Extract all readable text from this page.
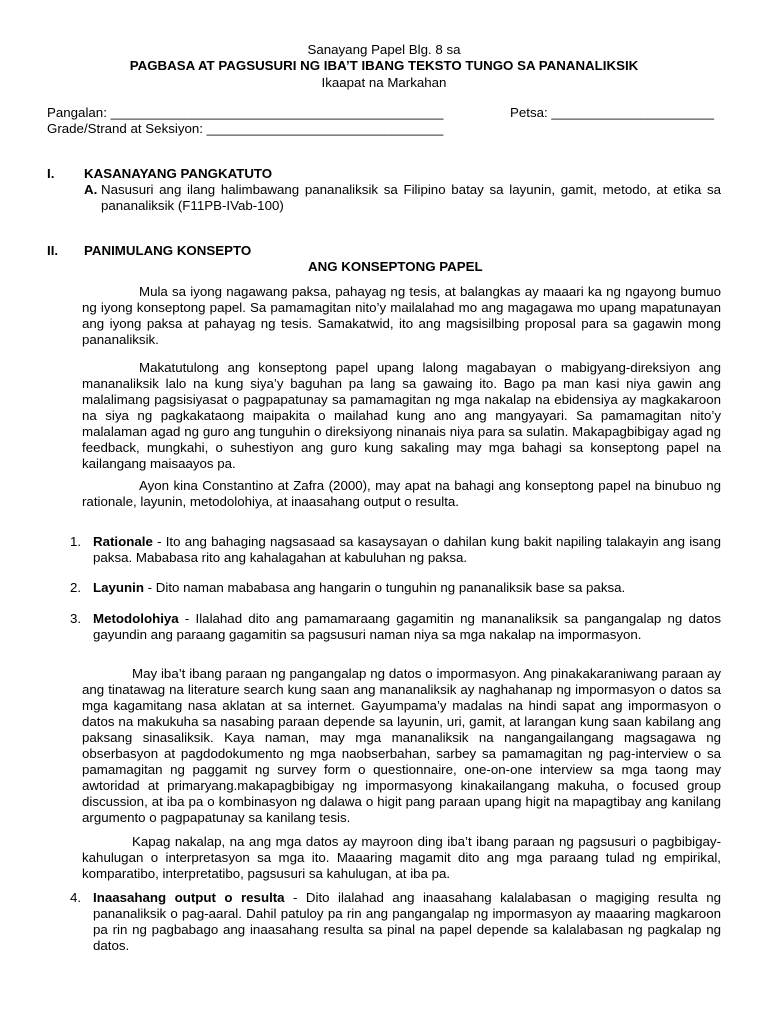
Sanayang Papel Blg. 8 sa
PAGBASA AT PAGSUSURI NG IBA’T IBANG TEKSTO TUNGO SA PANANALIKSIK
Ikaapat na Markahan
Pangalan: _____________________________________________	Petsa: ______________________
Grade/Strand at Seksiyon: ________________________________
I. KASANAYANG PANGKATUTO
A. Nasusuri ang ilang halimbawang pananaliksik sa Filipino batay sa layunin, gamit, metodo, at etika sa pananaliksik (F11PB-IVab-100)
II. PANIMULANG KONSEPTO
ANG KONSEPTONG PAPEL
Mula sa iyong nagawang paksa, pahayag ng tesis, at balangkas ay maaari ka ng ngayong bumuo ng iyong konseptong papel. Sa pamamagitan nito’y mailalahad mo ang magagawa mo upang mapatunayan ang iyong paksa at pahayag ng tesis. Samakatwid, ito ang magsisilbing proposal para sa gagawin mong pananaliksik.
Makatutulong ang konseptong papel upang lalong magabayan o mabigyang-direksiyon ang mananaliksik lalo na kung siya’y baguhan pa lang sa gawaing ito. Bago pa man kasi niya gawin ang malalimang pagsisiyasat o pagpapatunay sa pamamagitan ng mga nakalap na ebidensiya ay magkakaroon na siya ng pagkakataong maipakita o mailahad kung ano ang mangyayari. Sa pamamagitan nito’y malalaman agad ng guro ang tunguhin o direksiyong ninanais niya para sa sulatin. Makapagbibigay agad ng feedback, mungkahi, o suhestiyon ang guro kung sakaling may mga bahagi sa konseptong papel na kailangang maisaayos pa.
Ayon kina Constantino at Zafra (2000), may apat na bahagi ang konseptong papel na binubuo ng rationale, layunin, metodolohiya, at inaasahang output o resulta.
1. Rationale - Ito ang bahaging nagsasaad sa kasaysayan o dahilan kung bakit napiling talakayin ang isang paksa. Mababasa rito ang kahalagahan at kabuluhan ng paksa.
2. Layunin - Dito naman mababasa ang hangarin o tunguhin ng pananaliksik base sa paksa.
3. Metodolohiya - Ilalahad dito ang pamamaraang gagamitin ng mananaliksik sa pangangalap ng datos gayundin ang paraang gagamitin sa pagsusuri naman niya sa mga nakalap na impormasyon.
May iba’t ibang paraan ng pangangalap ng datos o impormasyon. Ang pinakakaraniwang paraan ay ang tinatawag na literature search kung saan ang mananaliksik ay naghahanap ng impormasyon o datos sa mga kagamitang nasa aklatan at sa internet. Gayumpama’y madalas na hindi sapat ang impormasyon o datos na makukuha sa nasabing paraan depende sa layunin, uri, gamit, at larangan kung saan kabilang ang paksang sinasaliksik. Kaya naman, may mga mananaliksik na nangangailangang magsagawa ng obserbasyon at pagdodokumento ng mga naobserbahan, sarbey sa pamamagitan ng pag-interview o sa pamamagitan ng paggamit ng survey form o questionnaire, one-on-one interview sa mga taong may awtoridad at primaryang.makapagbibigay ng impormasyong kinakailangang makuha, o focused group discussion, at iba pa o kombinasyon ng dalawa o higit pang paraan upang higit na mapagtibay ang kanilang argumento o pagpapatunay sa kanilang tesis.
Kapag nakalap, na ang mga datos ay mayroon ding iba’t ibang paraan ng pagsusuri o pagbibigay-kahulugan o interpretasyon sa mga ito. Maaaring magamit dito ang mga paraang tulad ng empirikal, komparatibo, interpretatibo, pagsusuri sa kahulugan, at iba pa.
4. Inaasahang output o resulta - Dito ilalahad ang inaasahang kalalabasan o magiging resulta ng pananaliksik o pag-aaral. Dahil patuloy pa rin ang pangangalap ng impormasyon ay maaaring magkaroon pa rin ng pagbabago ang inaasahang resulta sa pinal na papel depende sa kalalabasan ng pagkalap ng datos.
